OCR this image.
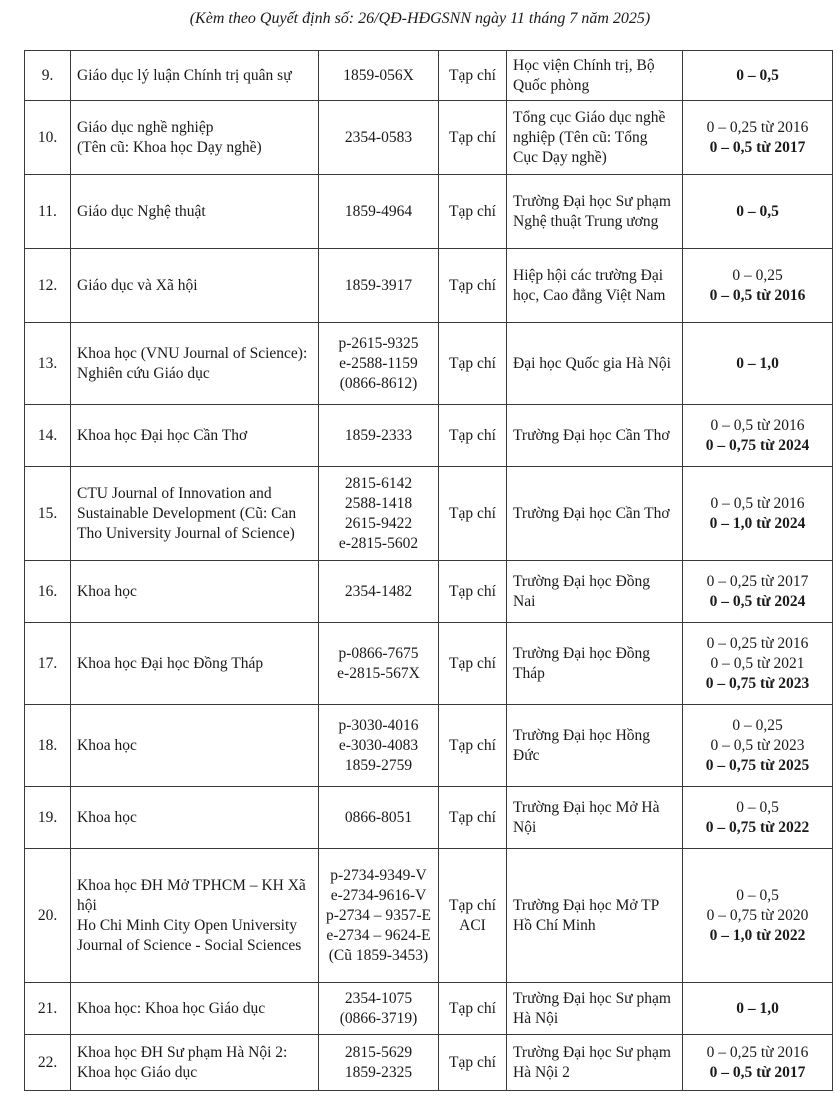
(Kèm theo Quyết định số: 26/QĐ-HĐGSNN ngày 11 tháng 7 năm 2025)
9.	Giáo dục lý luận Chính trị quân sự	1859-056X	Tạp chí	Học viện Chính trị, Bộ Quốc phòng	0 – 0,5

10.	Giáo dục nghề nghiệp
(Tên cũ: Khoa học Dạy nghề)	2354-0583	Tạp chí	Tổng cục Giáo dục nghề nghiệp (Tên cũ: Tổng Cục Dạy nghề)	0 – 0,25 từ 2016
0 – 0,5 từ 2017

11.	Giáo dục Nghệ thuật	1859-4964	Tạp chí	Trường Đại học Sư phạm Nghệ thuật Trung ương	0 – 0,5

12.	Giáo dục và Xã hội	1859-3917	Tạp chí	Hiệp hội các trường Đại học, Cao đẳng Việt Nam	0 – 0,25
0 – 0,5 từ 2016

13.	Khoa học (VNU Journal of Science): Nghiên cứu Giáo dục	p-2615-9325
e-2588-1159
(0866-8612)	Tạp chí	Đại học Quốc gia Hà Nội	0 – 1,0

14.	Khoa học Đại học Cần Thơ	1859-2333	Tạp chí	Trường Đại học Cần Thơ	0 – 0,5 từ 2016
0 – 0,75 từ 2024

15.	CTU Journal of Innovation and Sustainable Development (Cũ: Can Tho University Journal of Science)	2815-6142
2588-1418
2615-9422
e-2815-5602	Tạp chí	Trường Đại học Cần Thơ	0 – 0,5 từ 2016
0 – 1,0 từ 2024

16.	Khoa học	2354-1482	Tạp chí	Trường Đại học Đồng Nai	0 – 0,25 từ 2017
0 – 0,5 từ 2024

17.	Khoa học Đại học Đồng Tháp	p-0866-7675
e-2815-567X	Tạp chí	Trường Đại học Đồng Tháp	0 – 0,25 từ 2016
0 – 0,5 từ 2021
0 – 0,75 từ 2023

18.	Khoa học	p-3030-4016
e-3030-4083
1859-2759	Tạp chí	Trường Đại học Hồng Đức	0 – 0,25
0 – 0,5 từ 2023
0 – 0,75 từ 2025

19.	Khoa học	0866-8051	Tạp chí	Trường Đại học Mở Hà Nội	0 – 0,5
0 – 0,75 từ 2022

20.	Khoa học ĐH Mở TPHCM – KH Xã hội
Ho Chi Minh City Open University Journal of Science - Social Sciences	p-2734-9349-V
e-2734-9616-V
p-2734 – 9357-E
e-2734 – 9624-E
(Cũ 1859-3453)	Tạp chí
ACI	Trường Đại học Mở TP Hồ Chí Minh	0 – 0,5
0 – 0,75 từ 2020
0 – 1,0 từ 2022

21.	Khoa học: Khoa học Giáo dục	2354-1075
(0866-3719)	Tạp chí	Trường Đại học Sư phạm Hà Nội	0 – 1,0

22.	Khoa học ĐH Sư phạm Hà Nội 2: Khoa học Giáo dục	2815-5629
1859-2325	Tạp chí	Trường Đại học Sư phạm Hà Nội 2	0 – 0,25 từ 2016
0 – 0,5 từ 2017
